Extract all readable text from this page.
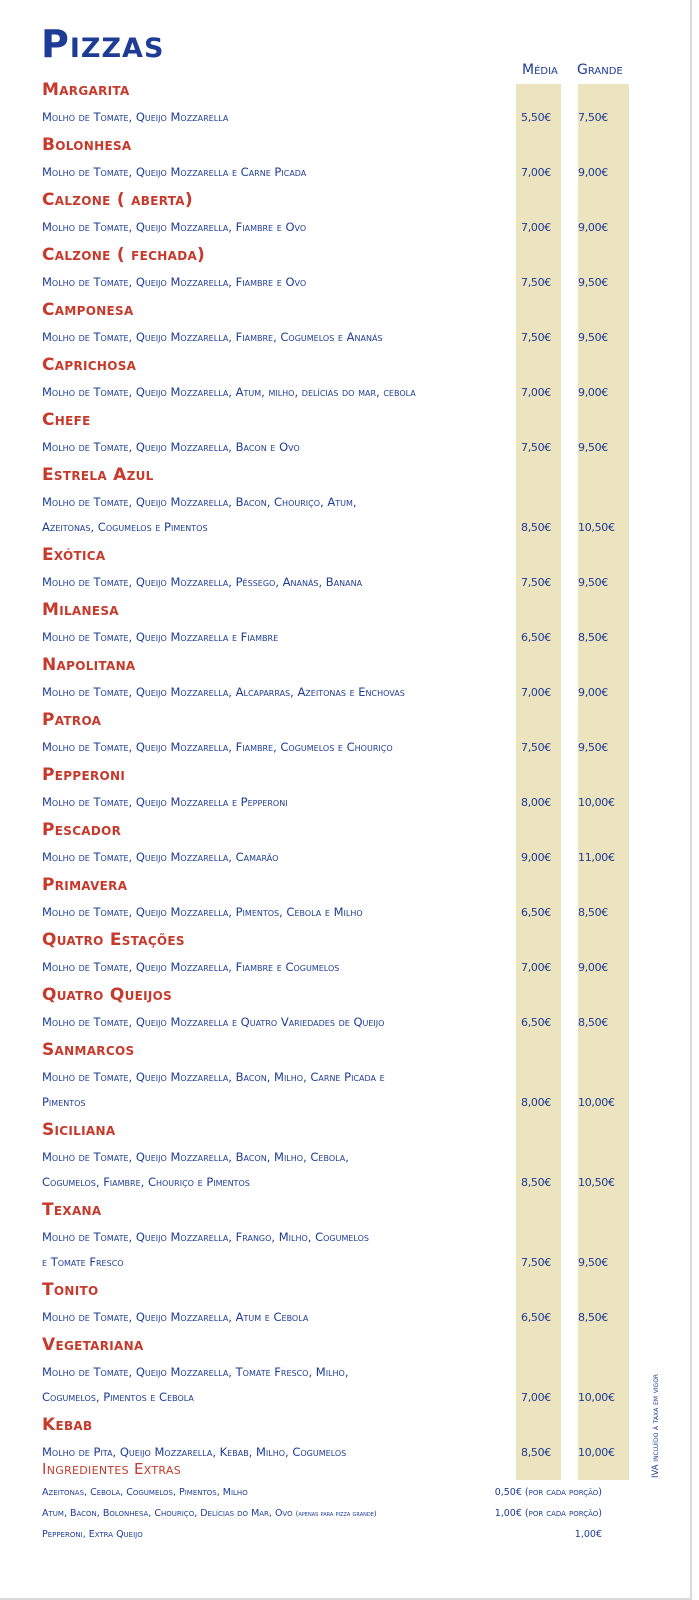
Pizzas
Média Grande
Margarita
Molho de Tomate, Queijo Mozzarella	5,50€ 7,50€
Bolonhesa
Molho de Tomate, Queijo Mozzarella e Carne Picada	7,00€ 9,00€
Calzone ( aberta)
Molho de Tomate, Queijo Mozzarella, Fiambre e Ovo	7,00€ 9,00€
Calzone ( fechada)
Molho de Tomate, Queijo Mozzarella, Fiambre e Ovo	7,50€ 9,50€
Camponesa
Molho de Tomate, Queijo Mozzarella, Fiambre, Cogumelos e Ananás	7,50€ 9,50€
Caprichosa
Molho de Tomate, Queijo Mozzarella, Atum, milho, delícias do mar, cebola	7,00€ 9,00€
Chefe
Molho de Tomate, Queijo Mozzarella, Bacon e Ovo	7,50€ 9,50€
Estrela Azul
Molho de Tomate, Queijo Mozzarella, Bacon, Chouriço, Atum,
Azeitonas, Cogumelos e Pimentos	8,50€ 10,50€
Exótica
Molho de Tomate, Queijo Mozzarella, Pêssego, Ananás, Banana	7,50€ 9,50€
Milanesa
Molho de Tomate, Queijo Mozzarella e Fiambre	6,50€ 8,50€
Napolitana
Molho de Tomate, Queijo Mozzarella, Alcaparras, Azeitonas e Enchovas	7,00€ 9,00€
Patroa
Molho de Tomate, Queijo Mozzarella, Fiambre, Cogumelos e Chouriço	7,50€ 9,50€
Pepperoni
Molho de Tomate, Queijo Mozzarella e Pepperoni	8,00€ 10,00€
Pescador
Molho de Tomate, Queijo Mozzarella, Camarão	9,00€ 11,00€
Primavera
Molho de Tomate, Queijo Mozzarella, Pimentos, Cebola e Milho	6,50€ 8,50€
Quatro Estações
Molho de Tomate, Queijo Mozzarella, Fiambre e Cogumelos	7,00€ 9,00€
Quatro Queijos
Molho de Tomate, Queijo Mozzarella e Quatro Variedades de Queijo	6,50€ 8,50€
Sanmarcos
Molho de Tomate, Queijo Mozzarella, Bacon, Milho, Carne Picada e
Pimentos	8,00€ 10,00€
Siciliana
Molho de Tomate, Queijo Mozzarella, Bacon, Milho, Cebola,
Cogumelos, Fiambre, Chouriço e Pimentos	8,50€ 10,50€
Texana
Molho de Tomate, Queijo Mozzarella, Frango, Milho, Cogumelos
e Tomate Fresco	7,50€ 9,50€
Tonito
Molho de Tomate, Queijo Mozzarella, Atum e Cebola	6,50€ 8,50€
Vegetariana
Molho de Tomate, Queijo Mozzarella, Tomate Fresco, Milho,
Cogumelos, Pimentos e Cebola	7,00€ 10,00€
Kebab
Molho de Pita, Queijo Mozzarella, Kebab, Milho, Cogumelos	8,50€ 10,00€
Ingredientes Extras
Azeitonas, Cebola, Cogumelos, Pimentos, Milho	0,50€ (por cada porção)
Atum, Bacon, Bolonhesa, Chouriço, Delícias do Mar, Ovo (apenas para pizza grande)	1,00€ (por cada porção)
Pepperoni, Extra Queijo	1,00€
IVA incluído à taxa em vigor
